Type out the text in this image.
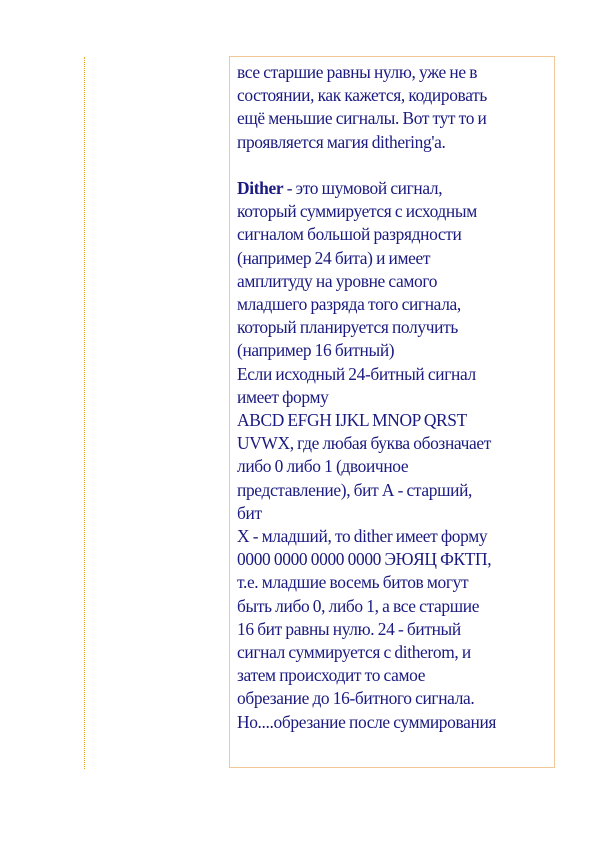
все старшие равны нулю, уже не в
состоянии, как кажется, кодировать
ещё меньшие сигналы. Вот тут то и
проявляется магия dithering'a.
Dither - это шумовой сигнал,
который суммируется с исходным
сигналом большой разрядности
(например 24 бита) и имеет
амплитуду на уровне самого
младшего разряда того сигнала,
который планируется получить
(например 16 битный)
Если исходный 24-битный сигнал
имеет форму
ABCD EFGH IJKL MNOP QRST
UVWX, где любая буква обозначает
либо 0 либо 1 (двоичное
представление), бит А - старший,
бит
X - младший, то dither имеет форму
0000 0000 0000 0000 ЭЮЯЦ ФКТП,
т.е. младшие восемь битов могут
быть либо 0, либо 1, а все старшие
16 бит равны нулю. 24 - битный
сигнал суммируется с ditherom, и
затем происходит то самое
обрезание до 16-битного сигнала.
Но....обрезание после суммирования
